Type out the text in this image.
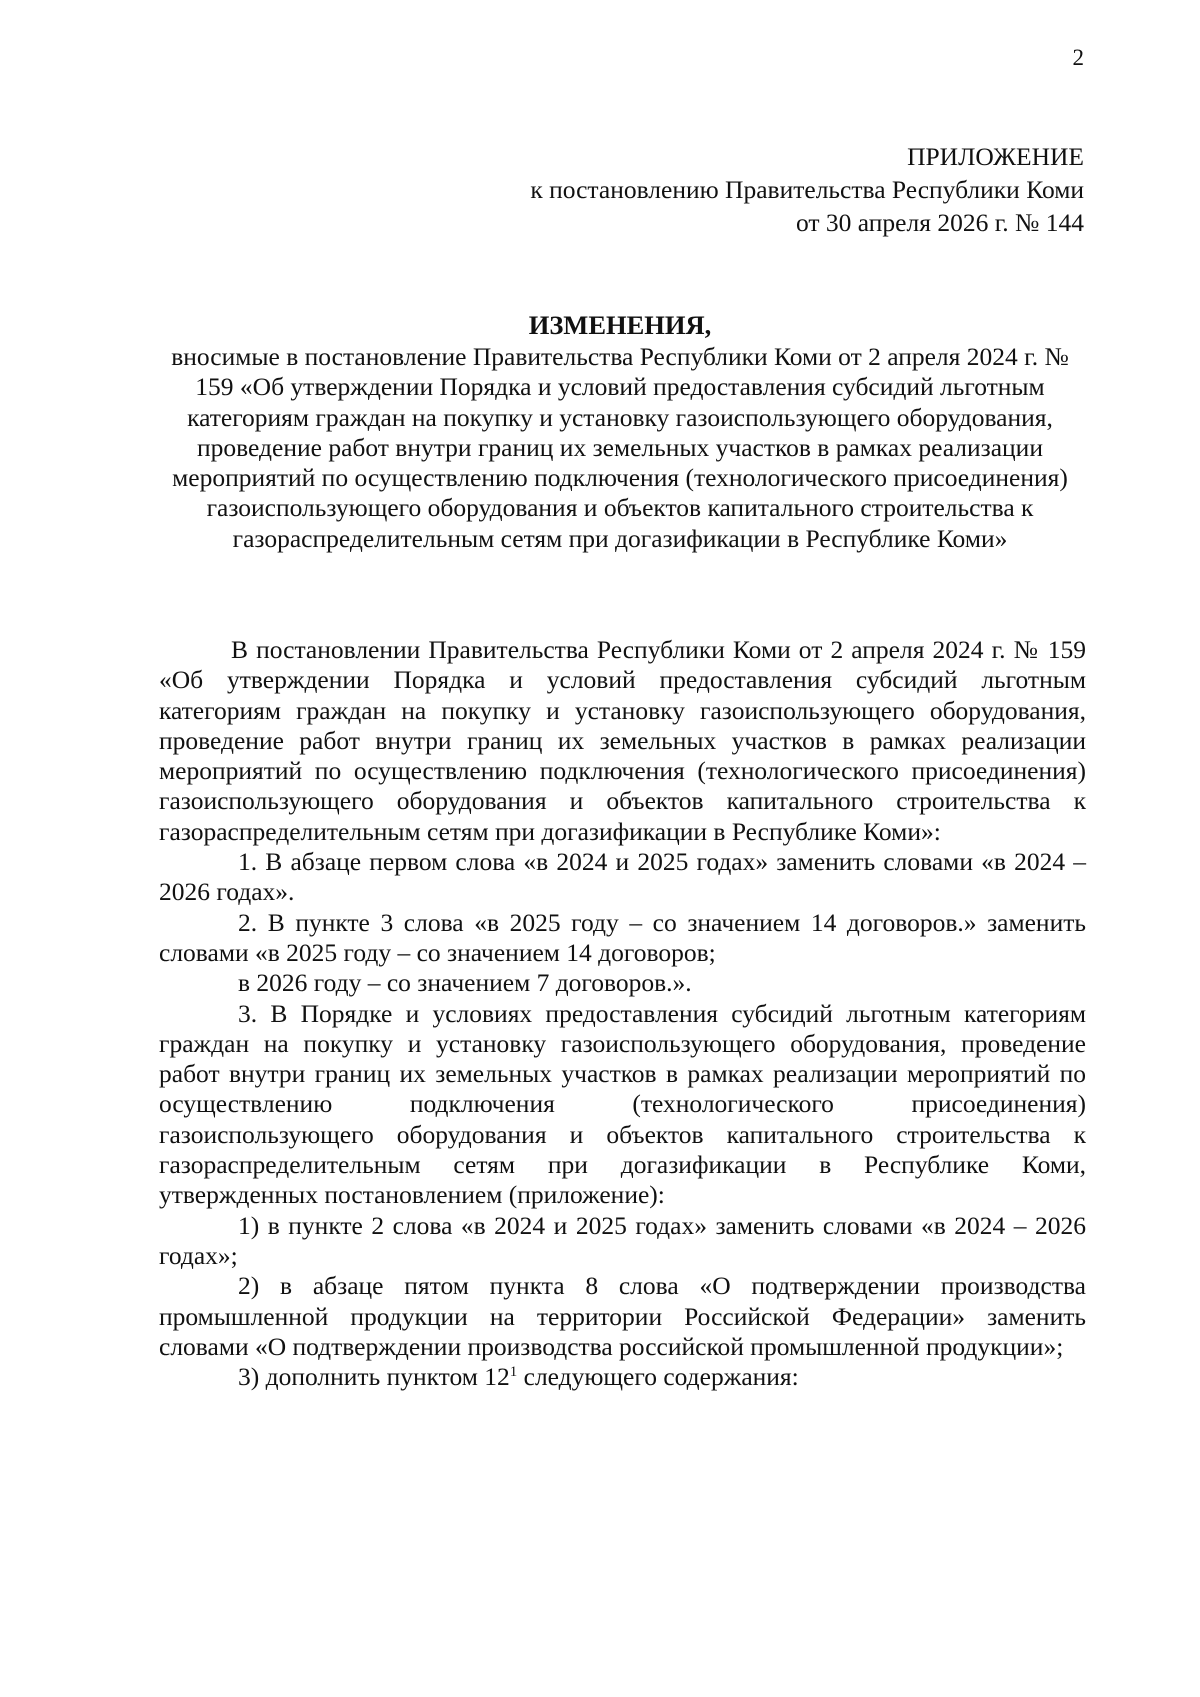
2
ПРИЛОЖЕНИЕ
к постановлению Правительства Республики Коми
от 30 апреля 2026 г. № 144
ИЗМЕНЕНИЯ,
вносимые в постановление Правительства Республики Коми от 2 апреля 2024 г. № 159 «Об утверждении Порядка и условий предоставления субсидий льготным категориям граждан на покупку и установку газоиспользующего оборудования, проведение работ внутри границ их земельных участков в рамках реализации мероприятий по осуществлению подключения (технологического присоединения) газоиспользующего оборудования и объектов капитального строительства к газораспределительным сетям при догазификации в Республике Коми»

В постановлении Правительства Республики Коми от 2 апреля 2024 г. № 159 «Об утверждении Порядка и условий предоставления субсидий льготным категориям граждан на покупку и установку газоиспользующего оборудования, проведение работ внутри границ их земельных участков в рамках реализации мероприятий по осуществлению подключения (технологического присоединения) газоиспользующего оборудования и объектов капитального строительства к газораспределительным сетям при догазификации в Республике Коми»:

1. В абзаце первом слова «в 2024 и 2025 годах» заменить словами «в 2024 – 2026 годах».

2. В пункте 3 слова «в 2025 году – со значением 14 договоров.» заменить словами «в 2025 году – со значением 14 договоров;

в 2026 году – со значением 7 договоров.».

3. В Порядке и условиях предоставления субсидий льготным категориям граждан на покупку и установку газоиспользующего оборудования, проведение работ внутри границ их земельных участков в рамках реализации мероприятий по осуществлению подключения (технологического присоединения) газоиспользующего оборудования и объектов капитального строительства к газораспределительным сетям при догазификации в Республике Коми, утвержденных постановлением (приложение):

1) в пункте 2 слова «в 2024 и 2025 годах» заменить словами «в 2024 – 2026 годах»;

2) в абзаце пятом пункта 8 слова «О подтверждении производства промышленной продукции на территории Российской Федерации» заменить словами «О подтверждении производства российской промышленной продукции»;

3) дополнить пунктом $12^1$ следующего содержания:
